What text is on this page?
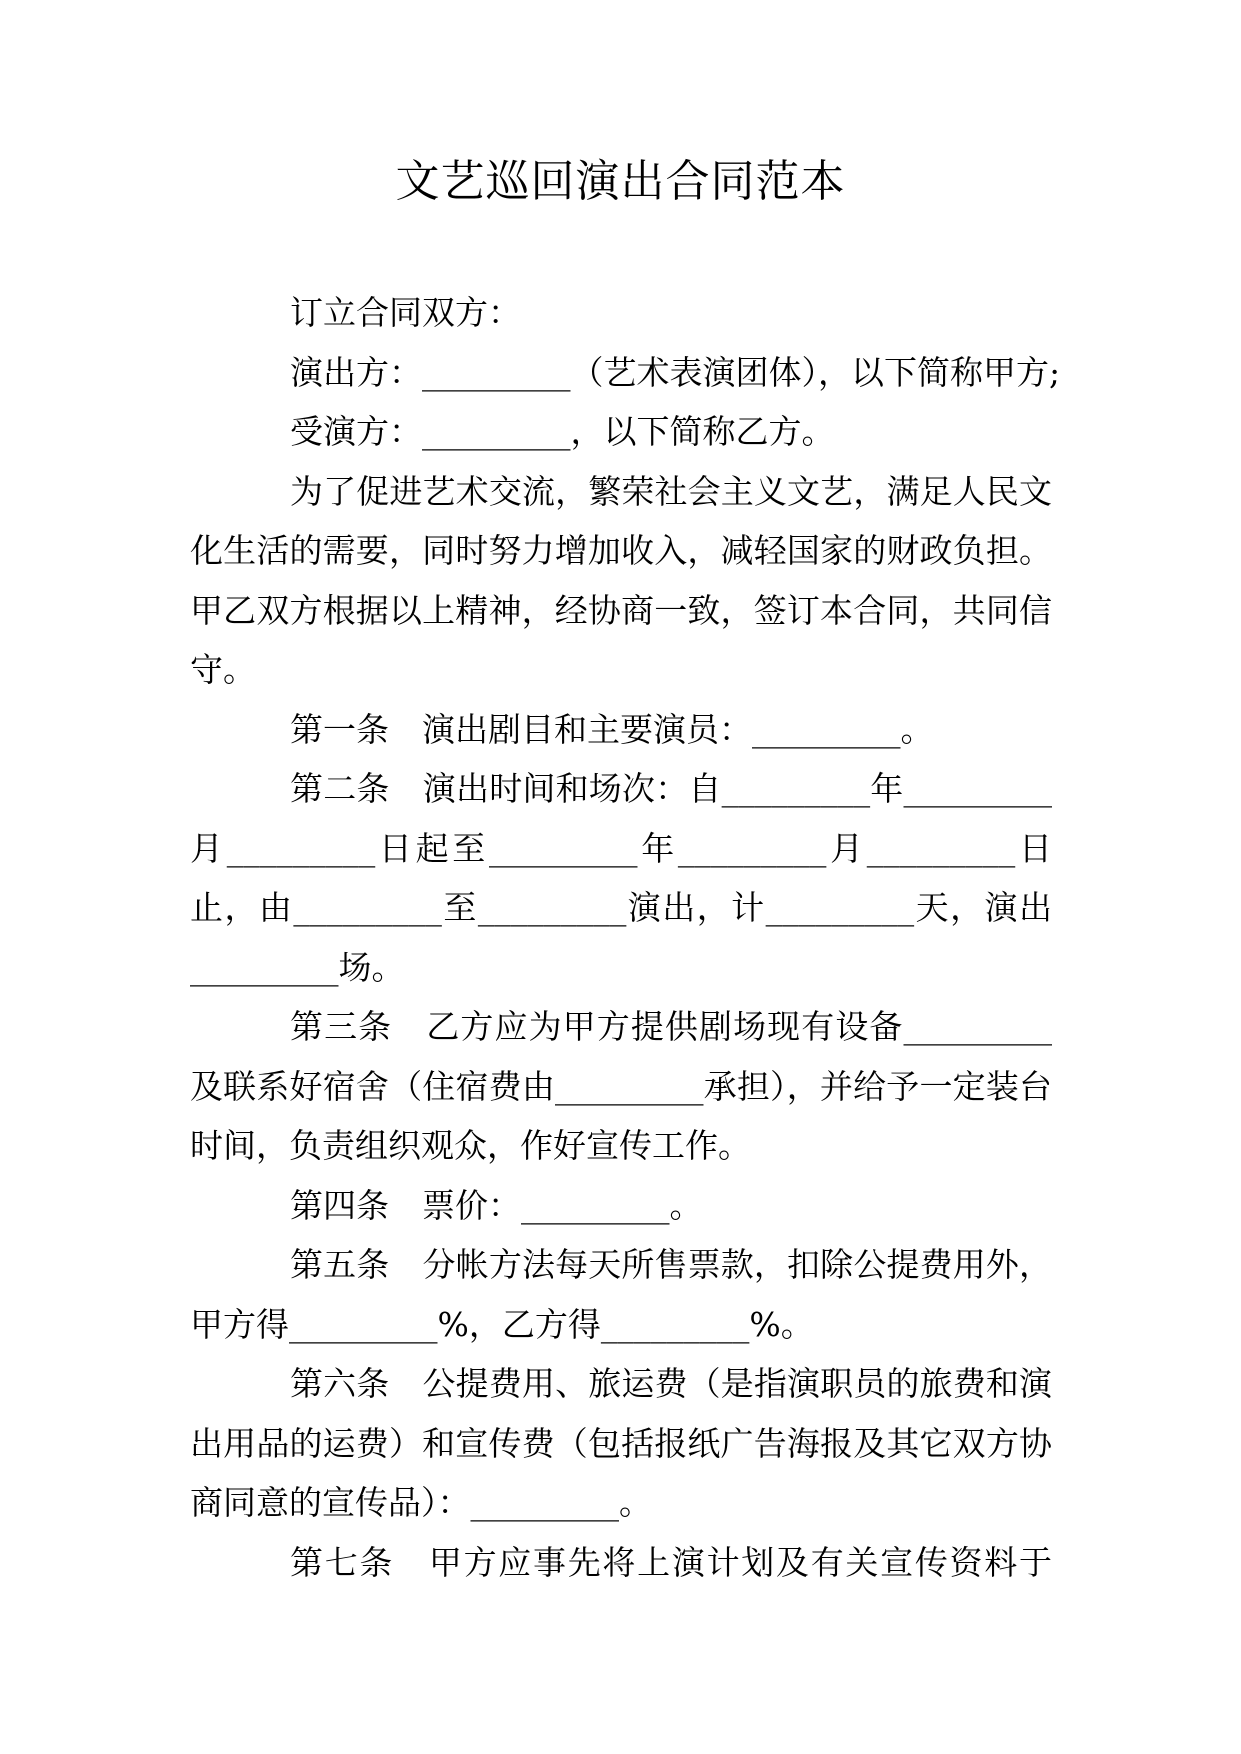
文艺巡回演出合同范本
订立合同双方：
演出方：_________（艺术表演团体），以下简称甲方;
受演方：_________，以下简称乙方。
为了促进艺术交流，繁荣社会主义文艺，满足人民文
化生活的需要，同时努力增加收入，减轻国家的财政负担。
甲乙双方根据以上精神，经协商一致，签订本合同，共同信
守。
第一条　演出剧目和主要演员：_________。
第二条　演出时间和场次：自_________年_________
月_________日起至_________年_________月_________日
止，由_________至_________演出，计_________天，演出
_________场。
第三条　乙方应为甲方提供剧场现有设备_________
及联系好宿舍（住宿费由_________承担），并给予一定装台
时间，负责组织观众，作好宣传工作。
第四条　票价：_________。
第五条　分帐方法每天所售票款，扣除公提费用外，
甲方得_________%，乙方得_________%。
第六条　公提费用、旅运费（是指演职员的旅费和演
出用品的运费）和宣传费（包括报纸广告海报及其它双方协
商同意的宣传品）：_________。
第七条　甲方应事先将上演计划及有关宣传资料于
